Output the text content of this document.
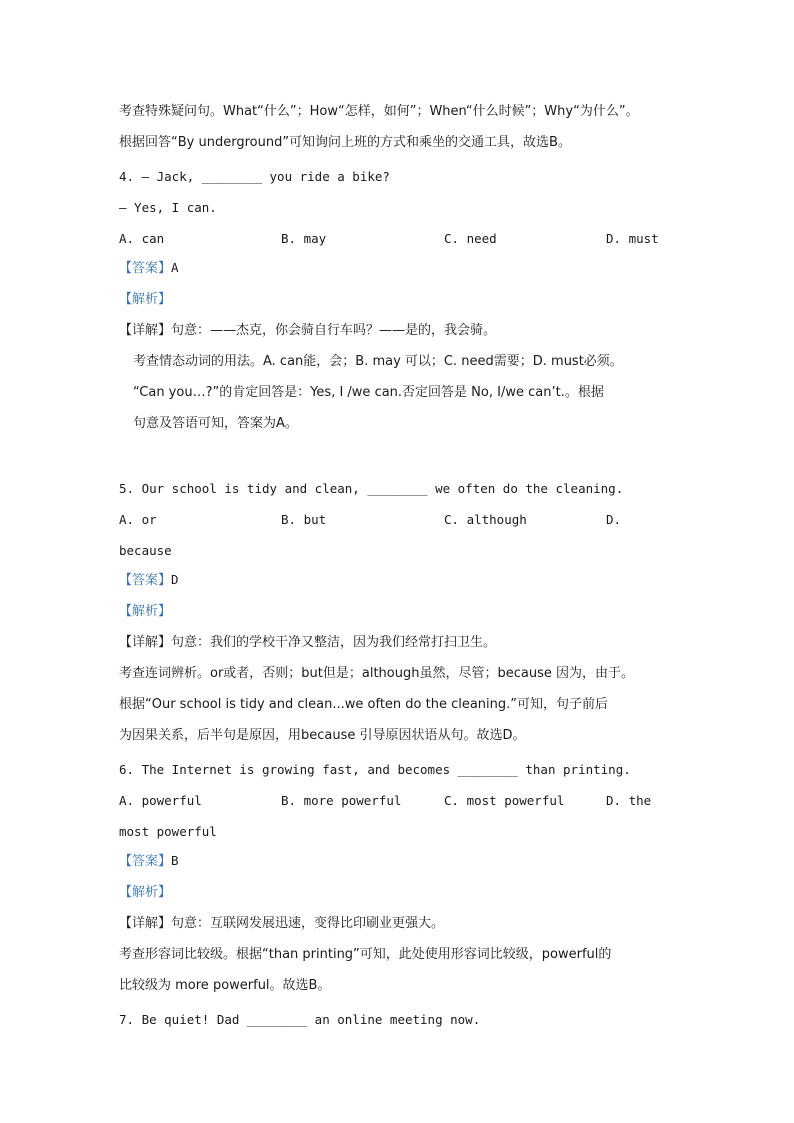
考查特殊疑问句。What“什么”；How“怎样，如何”；When“什么时候”；Why“为什么”。
根据回答“By underground”可知询问上班的方式和乘坐的交通工具，故选B。
4. — Jack, ________ you ride a bike?
— Yes, I can.
A. can	B. may	C. need	D. must
【答案】A
【解析】
【详解】句意：——杰克，你会骑自行车吗？——是的，我会骑。
考查情态动词的用法。A. can能，会；B. may 可以；C. need需要；D. must必须。
“Can you…?”的肯定回答是：Yes, I /we can.否定回答是 No, I/we can’t.。根据
句意及答语可知，答案为A。
5. Our school is tidy and clean, ________ we often do the cleaning.
A. or	B. but	C. although	D.
because
【答案】D
【解析】
【详解】句意：我们的学校干净又整洁，因为我们经常打扫卫生。
考查连词辨析。or或者，否则；but但是；although虽然，尽管；because 因为，由于。
根据“Our school is tidy and clean...we often do the cleaning.”可知，句子前后
为因果关系，后半句是原因，用because 引导原因状语从句。故选D。
6. The Internet is growing fast, and becomes ________ than printing.
A. powerful	B. more powerful	C. most powerful	D. the
most powerful
【答案】B
【解析】
【详解】句意：互联网发展迅速，变得比印刷业更强大。
考查形容词比较级。根据“than printing”可知，此处使用形容词比较级，powerful的
比较级为 more powerful。故选B。
7. Be quiet! Dad ________ an online meeting now.
